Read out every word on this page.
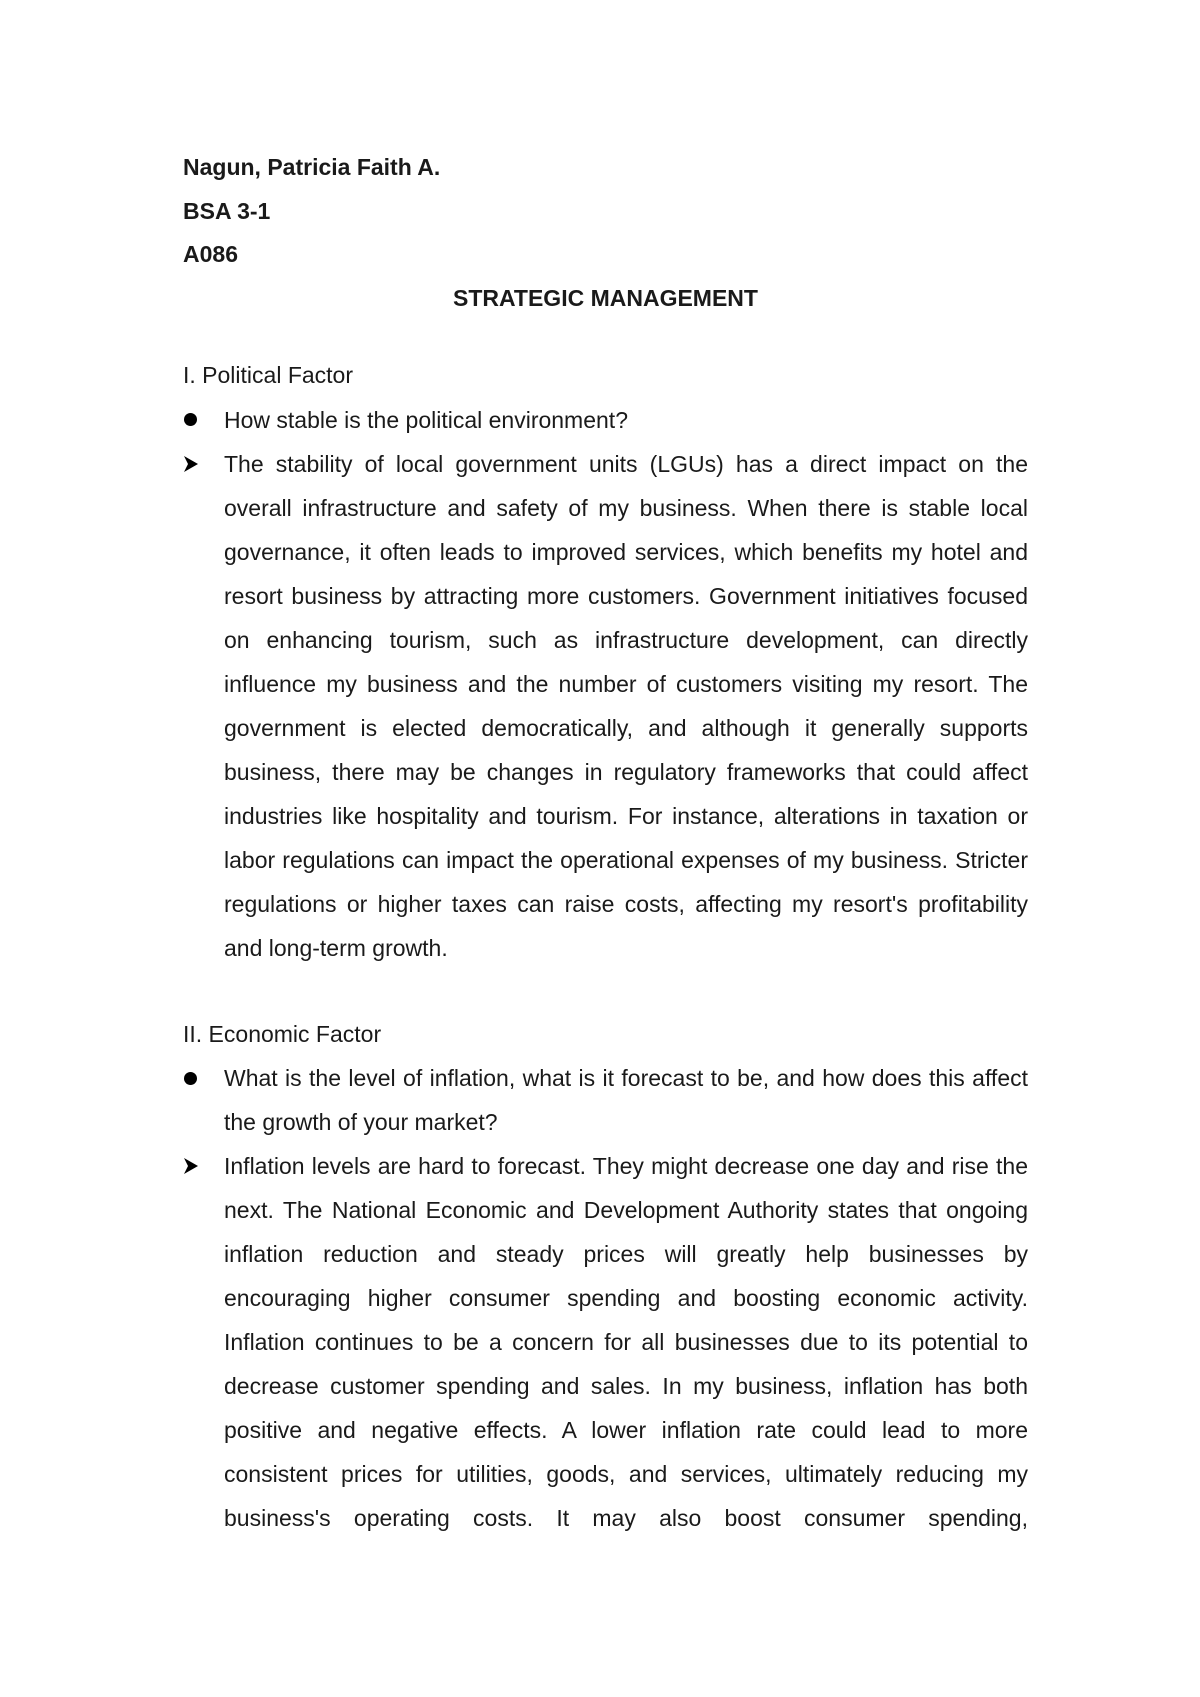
Nagun, Patricia Faith A.
BSA 3-1
A086
STRATEGIC MANAGEMENT
I. Political Factor
How stable is the political environment?
The stability of local government units (LGUs) has a direct impact on the overall infrastructure and safety of my business. When there is stable local governance, it often leads to improved services, which benefits my hotel and resort business by attracting more customers. Government initiatives focused on enhancing tourism, such as infrastructure development, can directly influence my business and the number of customers visiting my resort. The government is elected democratically, and although it generally supports business, there may be changes in regulatory frameworks that could affect industries like hospitality and tourism. For instance, alterations in taxation or labor regulations can impact the operational expenses of my business. Stricter regulations or higher taxes can raise costs, affecting my resort's profitability and long-term growth.
II. Economic Factor
What is the level of inflation, what is it forecast to be, and how does this affect the growth of your market?
Inflation levels are hard to forecast. They might decrease one day and rise the next. The National Economic and Development Authority states that ongoing inflation reduction and steady prices will greatly help businesses by encouraging higher consumer spending and boosting economic activity. Inflation continues to be a concern for all businesses due to its potential to decrease customer spending and sales. In my business, inflation has both positive and negative effects. A lower inflation rate could lead to more consistent prices for utilities, goods, and services, ultimately reducing my business's operating costs. It may also boost consumer spending,
